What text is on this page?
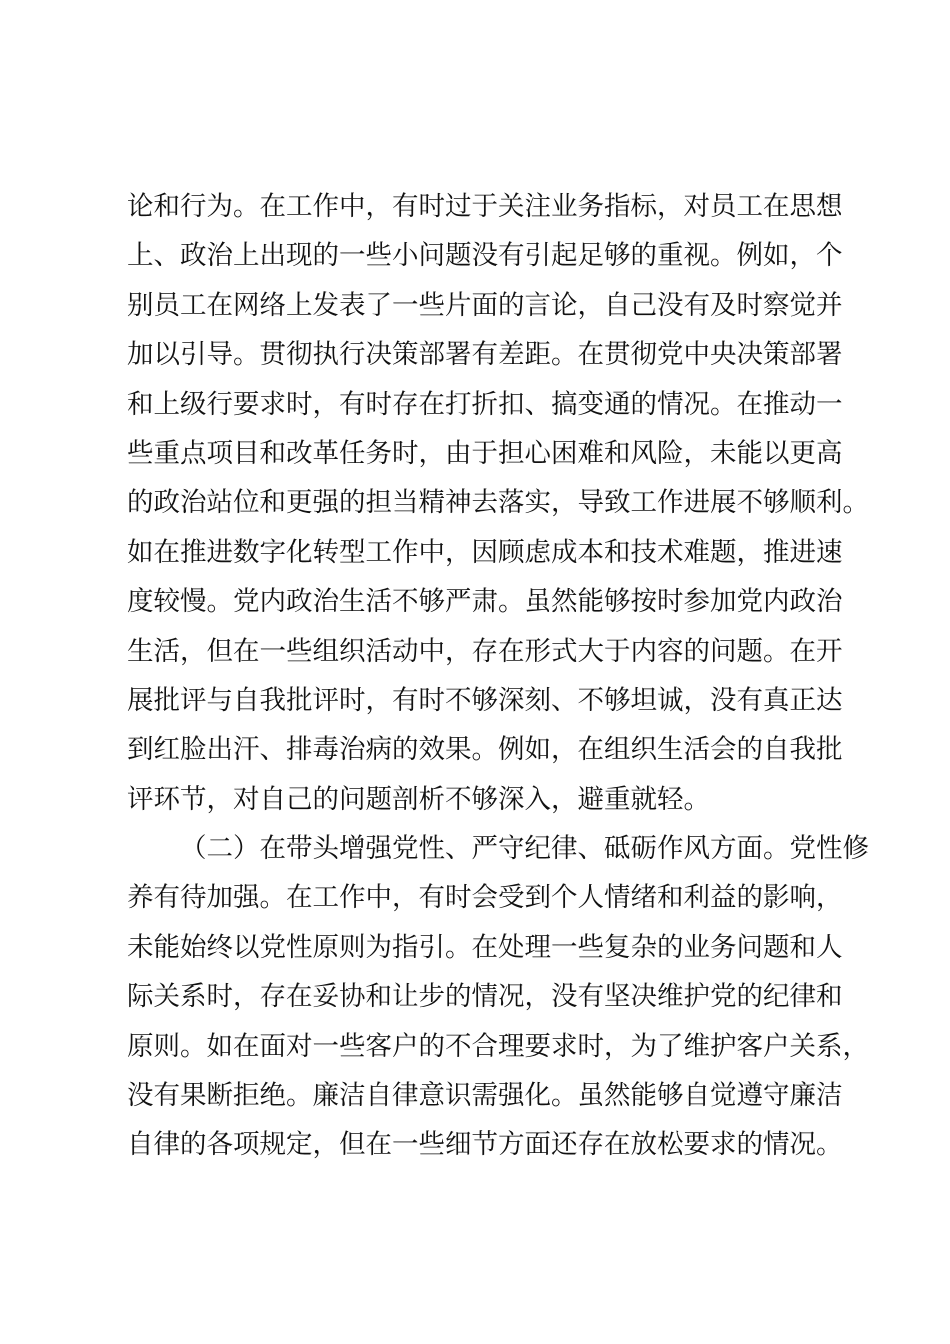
论和行为。在工作中，有时过于关注业务指标，对员工在思想
上、政治上出现的一些小问题没有引起足够的重视。例如，个
别员工在网络上发表了一些片面的言论，自己没有及时察觉并
加以引导。贯彻执行决策部署有差距。在贯彻党中央决策部署
和上级行要求时，有时存在打折扣、搞变通的情况。在推动一
些重点项目和改革任务时，由于担心困难和风险，未能以更高
的政治站位和更强的担当精神去落实，导致工作进展不够顺利。
如在推进数字化转型工作中，因顾虑成本和技术难题，推进速
度较慢。党内政治生活不够严肃。虽然能够按时参加党内政治
生活，但在一些组织活动中，存在形式大于内容的问题。在开
展批评与自我批评时，有时不够深刻、不够坦诚，没有真正达
到红脸出汗、排毒治病的效果。例如，在组织生活会的自我批
评环节，对自己的问题剖析不够深入，避重就轻。
（二）在带头增强党性、严守纪律、砥砺作风方面。党性修
养有待加强。在工作中，有时会受到个人情绪和利益的影响，
未能始终以党性原则为指引。在处理一些复杂的业务问题和人
际关系时，存在妥协和让步的情况，没有坚决维护党的纪律和
原则。如在面对一些客户的不合理要求时，为了维护客户关系，
没有果断拒绝。廉洁自律意识需强化。虽然能够自觉遵守廉洁
自律的各项规定，但在一些细节方面还存在放松要求的情况。
